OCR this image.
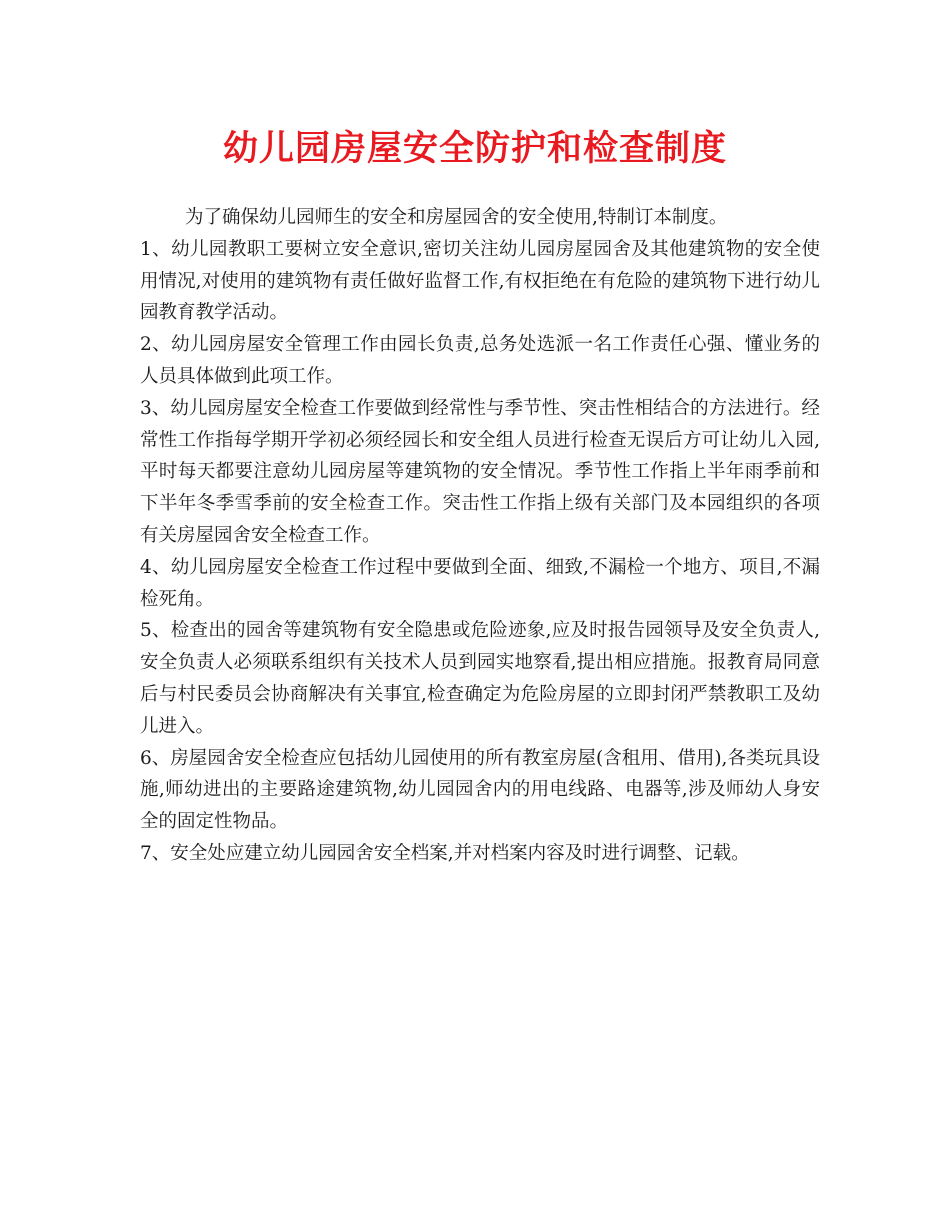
幼儿园房屋安全防护和检查制度

为了确保幼儿园师生的安全和房屋园舍的安全使用,特制订本制度。

1、幼儿园教职工要树立安全意识,密切关注幼儿园房屋园舍及其他建筑物的安全使用情况,对使用的建筑物有责任做好监督工作,有权拒绝在有危险的建筑物下进行幼儿园教育教学活动。

2、幼儿园房屋安全管理工作由园长负责,总务处选派一名工作责任心强、懂业务的人员具体做到此项工作。

3、幼儿园房屋安全检查工作要做到经常性与季节性、突击性相结合的方法进行。经常性工作指每学期开学初必须经园长和安全组人员进行检查无误后方可让幼儿入园,平时每天都要注意幼儿园房屋等建筑物的安全情况。季节性工作指上半年雨季前和下半年冬季雪季前的安全检查工作。突击性工作指上级有关部门及本园组织的各项有关房屋园舍安全检查工作。

4、幼儿园房屋安全检查工作过程中要做到全面、细致,不漏检一个地方、项目,不漏检死角。

5、检查出的园舍等建筑物有安全隐患或危险迹象,应及时报告园领导及安全负责人,安全负责人必须联系组织有关技术人员到园实地察看,提出相应措施。报教育局同意后与村民委员会协商解决有关事宜,检查确定为危险房屋的立即封闭严禁教职工及幼儿进入。

6、房屋园舍安全检查应包括幼儿园使用的所有教室房屋(含租用、借用),各类玩具设施,师幼进出的主要路途建筑物,幼儿园园舍内的用电线路、电器等,涉及师幼人身安全的固定性物品。

7、安全处应建立幼儿园园舍安全档案,并对档案内容及时进行调整、记载。
